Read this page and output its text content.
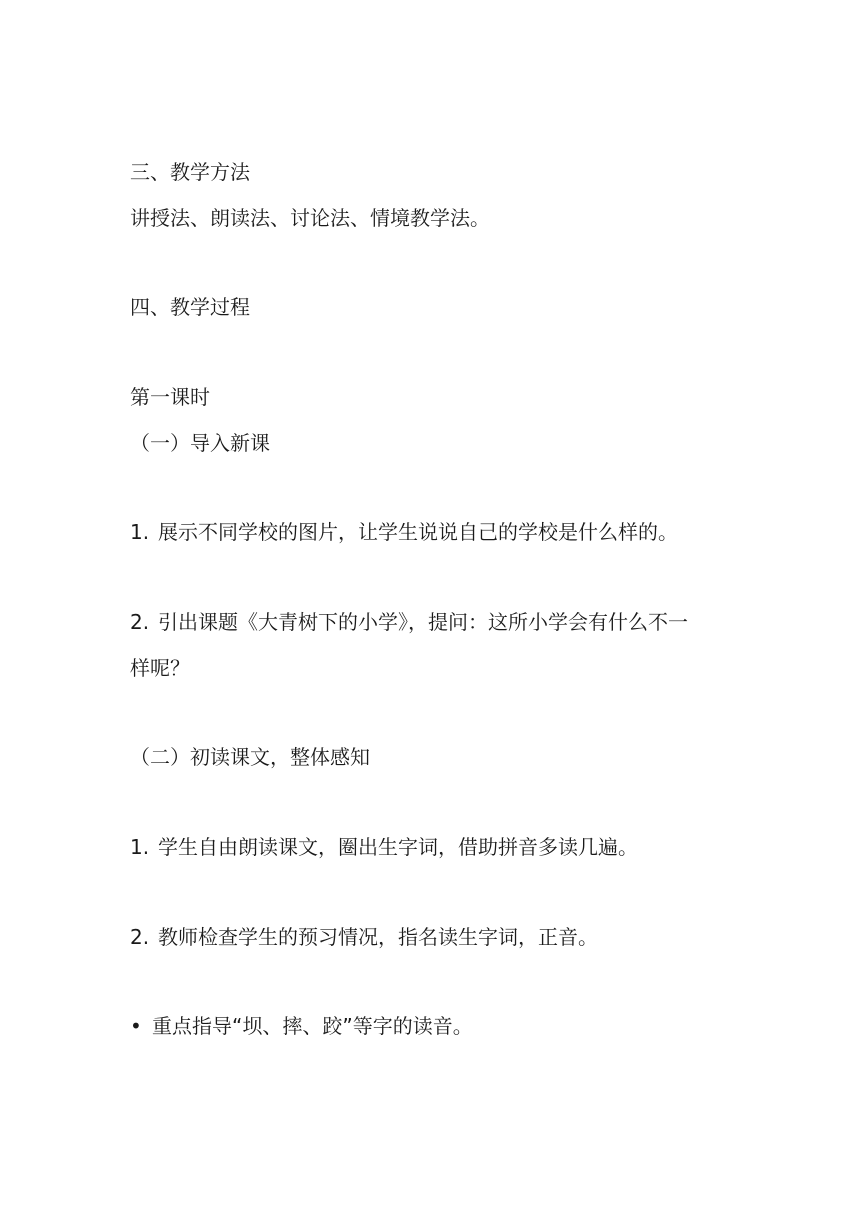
三、教学方法
讲授法、朗读法、讨论法、情境教学法。
四、教学过程
第一课时
（一）导入新课
1. 展示不同学校的图片，让学生说说自己的学校是什么样的。
2. 引出课题《大青树下的小学》，提问：这所小学会有什么不一
样呢？
（二）初读课文，整体感知
1. 学生自由朗读课文，圈出生字词，借助拼音多读几遍。
2. 教师检查学生的预习情况，指名读生字词，正音。
• 重点指导“坝、摔、跤”等字的读音。
